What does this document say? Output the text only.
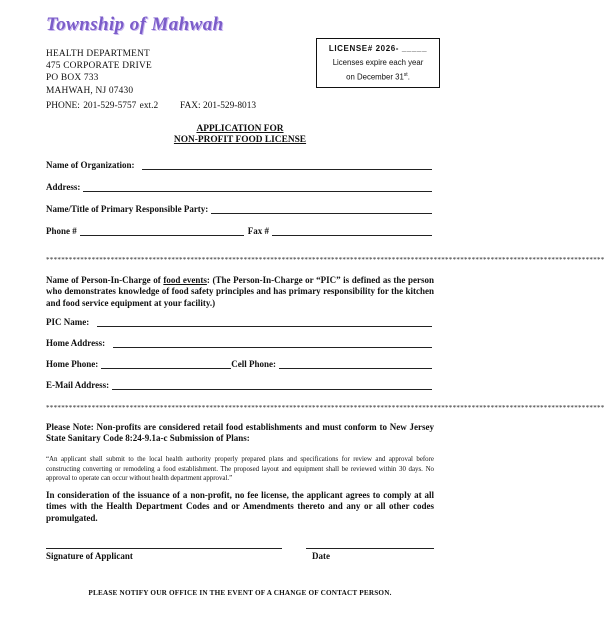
Township of Mahwah
HEALTH DEPARTMENT
475 CORPORATE DRIVE
PO BOX 733
MAHWAH, NJ 07430
PHONE: 201-529-5757 ext.2 FAX: 201-529-8013
LICENSE# 2026- _____
Licenses expire each year
on December 31st.
APPLICATION FOR
NON-PROFIT FOOD LICENSE
Name of Organization:
Address:
Name/Title of Primary Responsible Party:
Phone #	Fax #
***************************************************************************************************************************************************
Name of Person-In-Charge of food events: (The Person-In-Charge or “PIC” is defined as the person who demonstrates knowledge of food safety principles and has primary responsibility for the kitchen and food service equipment at your facility.)
PIC Name:
Home Address:
Home Phone:	Cell Phone:
E-Mail Address:
***************************************************************************************************************************************************
Please Note: Non-profits are considered retail food establishments and must conform to New Jersey State Sanitary Code 8:24-9.1a-c Submission of Plans:
“An applicant shall submit to the local health authority properly prepared plans and specifications for review and approval before constructing converting or remodeling a food establishment. The proposed layout and equipment shall be reviewed within 30 days. No approval to operate can occur without health department approval.”
In consideration of the issuance of a non-profit, no fee license, the applicant agrees to comply at all times with the Health Department Codes and or Amendments thereto and any or all other codes promulgated.
Signature of Applicant	Date
PLEASE NOTIFY OUR OFFICE IN THE EVENT OF A CHANGE OF CONTACT PERSON.
